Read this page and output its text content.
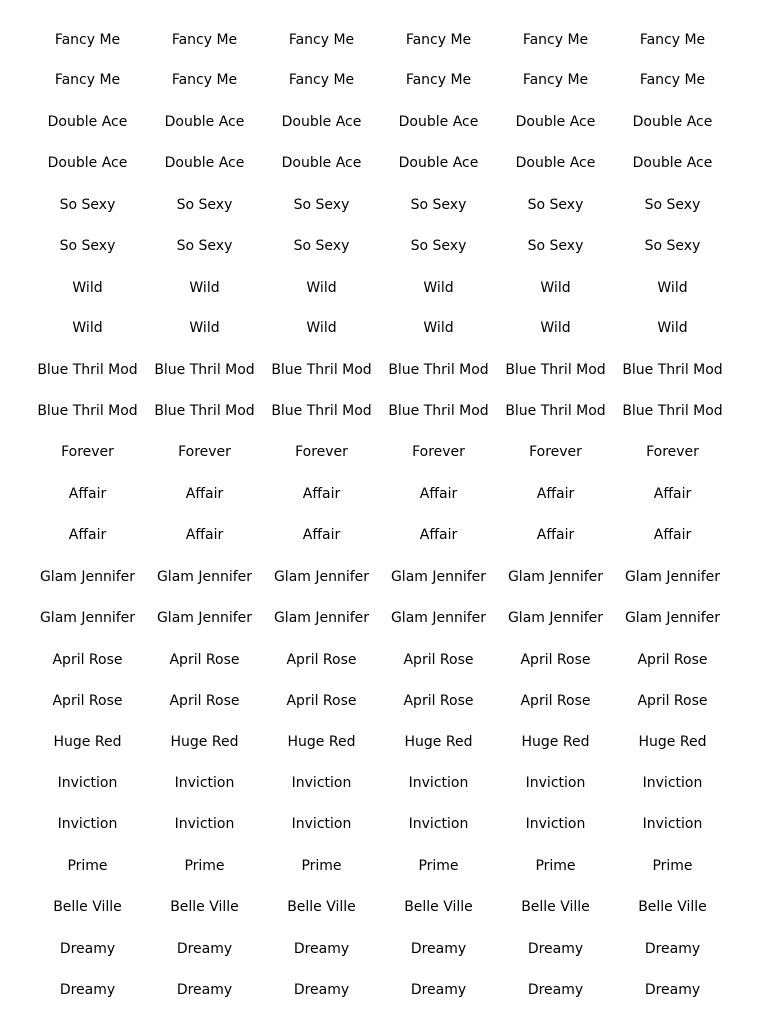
Fancy Me	Fancy Me	Fancy Me	Fancy Me	Fancy Me	Fancy Me
Fancy Me	Fancy Me	Fancy Me	Fancy Me	Fancy Me	Fancy Me
Double Ace	Double Ace	Double Ace	Double Ace	Double Ace	Double Ace
Double Ace	Double Ace	Double Ace	Double Ace	Double Ace	Double Ace
So Sexy	So Sexy	So Sexy	So Sexy	So Sexy	So Sexy
So Sexy	So Sexy	So Sexy	So Sexy	So Sexy	So Sexy
Wild	Wild	Wild	Wild	Wild	Wild
Wild	Wild	Wild	Wild	Wild	Wild
Blue Thril Mod	Blue Thril Mod	Blue Thril Mod	Blue Thril Mod	Blue Thril Mod	Blue Thril Mod
Blue Thril Mod	Blue Thril Mod	Blue Thril Mod	Blue Thril Mod	Blue Thril Mod	Blue Thril Mod
Forever	Forever	Forever	Forever	Forever	Forever
Affair	Affair	Affair	Affair	Affair	Affair
Affair	Affair	Affair	Affair	Affair	Affair
Glam Jennifer	Glam Jennifer	Glam Jennifer	Glam Jennifer	Glam Jennifer	Glam Jennifer
Glam Jennifer	Glam Jennifer	Glam Jennifer	Glam Jennifer	Glam Jennifer	Glam Jennifer
April Rose	April Rose	April Rose	April Rose	April Rose	April Rose
April Rose	April Rose	April Rose	April Rose	April Rose	April Rose
Huge Red	Huge Red	Huge Red	Huge Red	Huge Red	Huge Red
Inviction	Inviction	Inviction	Inviction	Inviction	Inviction
Inviction	Inviction	Inviction	Inviction	Inviction	Inviction
Prime	Prime	Prime	Prime	Prime	Prime
Belle Ville	Belle Ville	Belle Ville	Belle Ville	Belle Ville	Belle Ville
Dreamy	Dreamy	Dreamy	Dreamy	Dreamy	Dreamy
Dreamy	Dreamy	Dreamy	Dreamy	Dreamy	Dreamy
